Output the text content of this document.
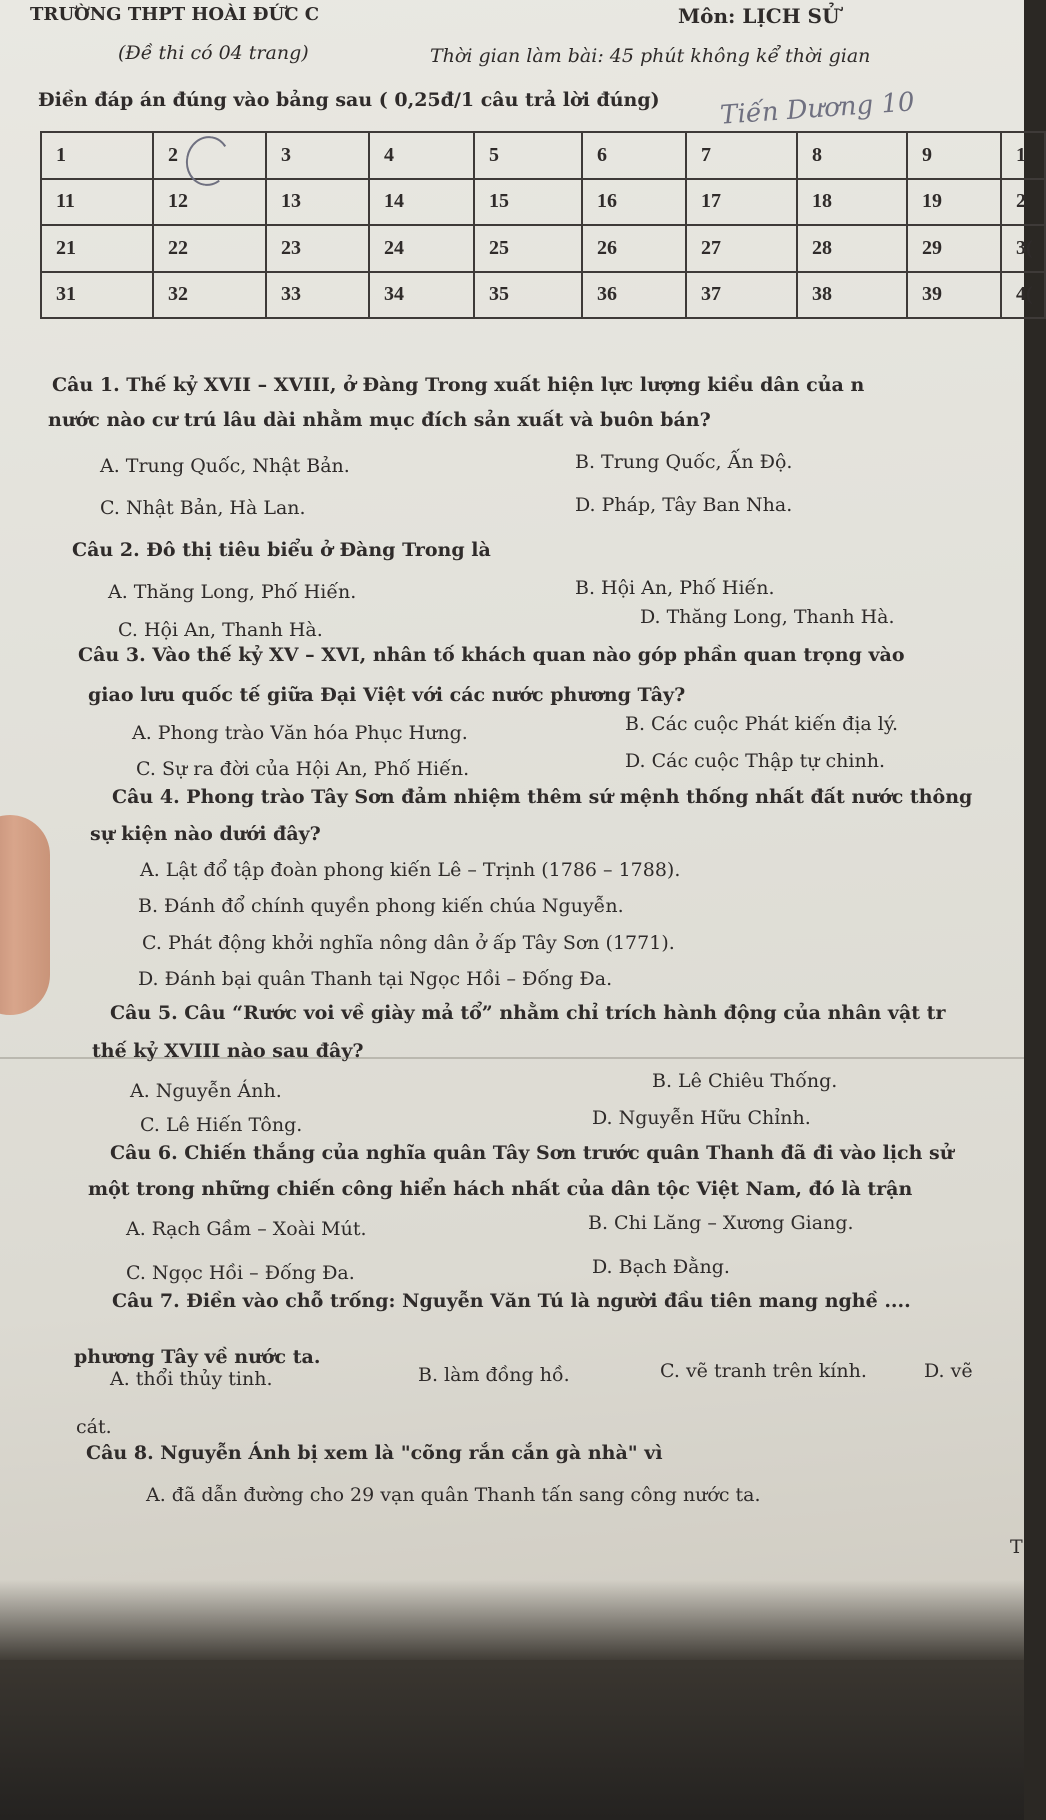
TRƯỜNG THPT HOÀI ĐỨC C	Môn: LỊCH SỬ
(Đề thi có 04 trang)	Thời gian làm bài: 45 phút không kể thời gian
Điền đáp án đúng vào bảng sau ( 0,25đ/1 câu trả lời đúng) Tiến Dương 10
1	2	3	4	5	6	7	8	9	1
11	12	13	14	15	16	17	18	19	2
21	22	23	24	25	26	27	28	29	3(
31	32	33	34	35	36	37	38	39	4(
Câu 1. Thế kỷ XVII – XVIII, ở Đàng Trong xuất hiện lực lượng kiều dân của n
nước nào cư trú lâu dài nhằm mục đích sản xuất và buôn bán?
A. Trung Quốc, Nhật Bản.	B. Trung Quốc, Ấn Độ.
C. Nhật Bản, Hà Lan.	D. Pháp, Tây Ban Nha.
Câu 2. Đô thị tiêu biểu ở Đàng Trong là
A. Thăng Long, Phố Hiến.	B. Hội An, Phố Hiến.
C. Hội An, Thanh Hà.
D. Thăng Long, Thanh Hà.
Câu 3. Vào thế kỷ XV – XVI, nhân tố khách quan nào góp phần quan trọng vào
giao lưu quốc tế giữa Đại Việt với các nước phương Tây?
A. Phong trào Văn hóa Phục Hưng.	B. Các cuộc Phát kiến địa lý.
C. Sự ra đời của Hội An, Phố Hiến.	D. Các cuộc Thập tự chinh.
Câu 4. Phong trào Tây Sơn đảm nhiệm thêm sứ mệnh thống nhất đất nước thông
sự kiện nào dưới đây?
A. Lật đổ tập đoàn phong kiến Lê – Trịnh (1786 – 1788).
B. Đánh đổ chính quyền phong kiến chúa Nguyễn.
C. Phát động khởi nghĩa nông dân ở ấp Tây Sơn (1771).
D. Đánh bại quân Thanh tại Ngọc Hồi – Đống Đa.
Câu 5. Câu “Rước voi về giày mả tổ” nhằm chỉ trích hành động của nhân vật tr
thế kỷ XVIII nào sau đây?
A. Nguyễn Ánh.	B. Lê Chiêu Thống.
C. Lê Hiến Tông.	D. Nguyễn Hữu Chỉnh.
Câu 6. Chiến thắng của nghĩa quân Tây Sơn trước quân Thanh đã đi vào lịch sử
một trong những chiến công hiển hách nhất của dân tộc Việt Nam, đó là trận
A. Rạch Gầm – Xoài Mút.	B. Chi Lăng – Xương Giang.
C. Ngọc Hồi – Đống Đa.	D. Bạch Đằng.
Câu 7. Điền vào chỗ trống: Nguyễn Văn Tú là người đầu tiên mang nghề ....
phương Tây về nước ta.
A. thổi thủy tinh.	B. làm đồng hồ.	C. vẽ tranh trên kính.	D. vẽ
cát.
Câu 8. Nguyễn Ánh bị xem là "cõng rắn cắn gà nhà" vì
A. đã dẫn đường cho 29 vạn quân Thanh tấn sang công nước ta.
T
